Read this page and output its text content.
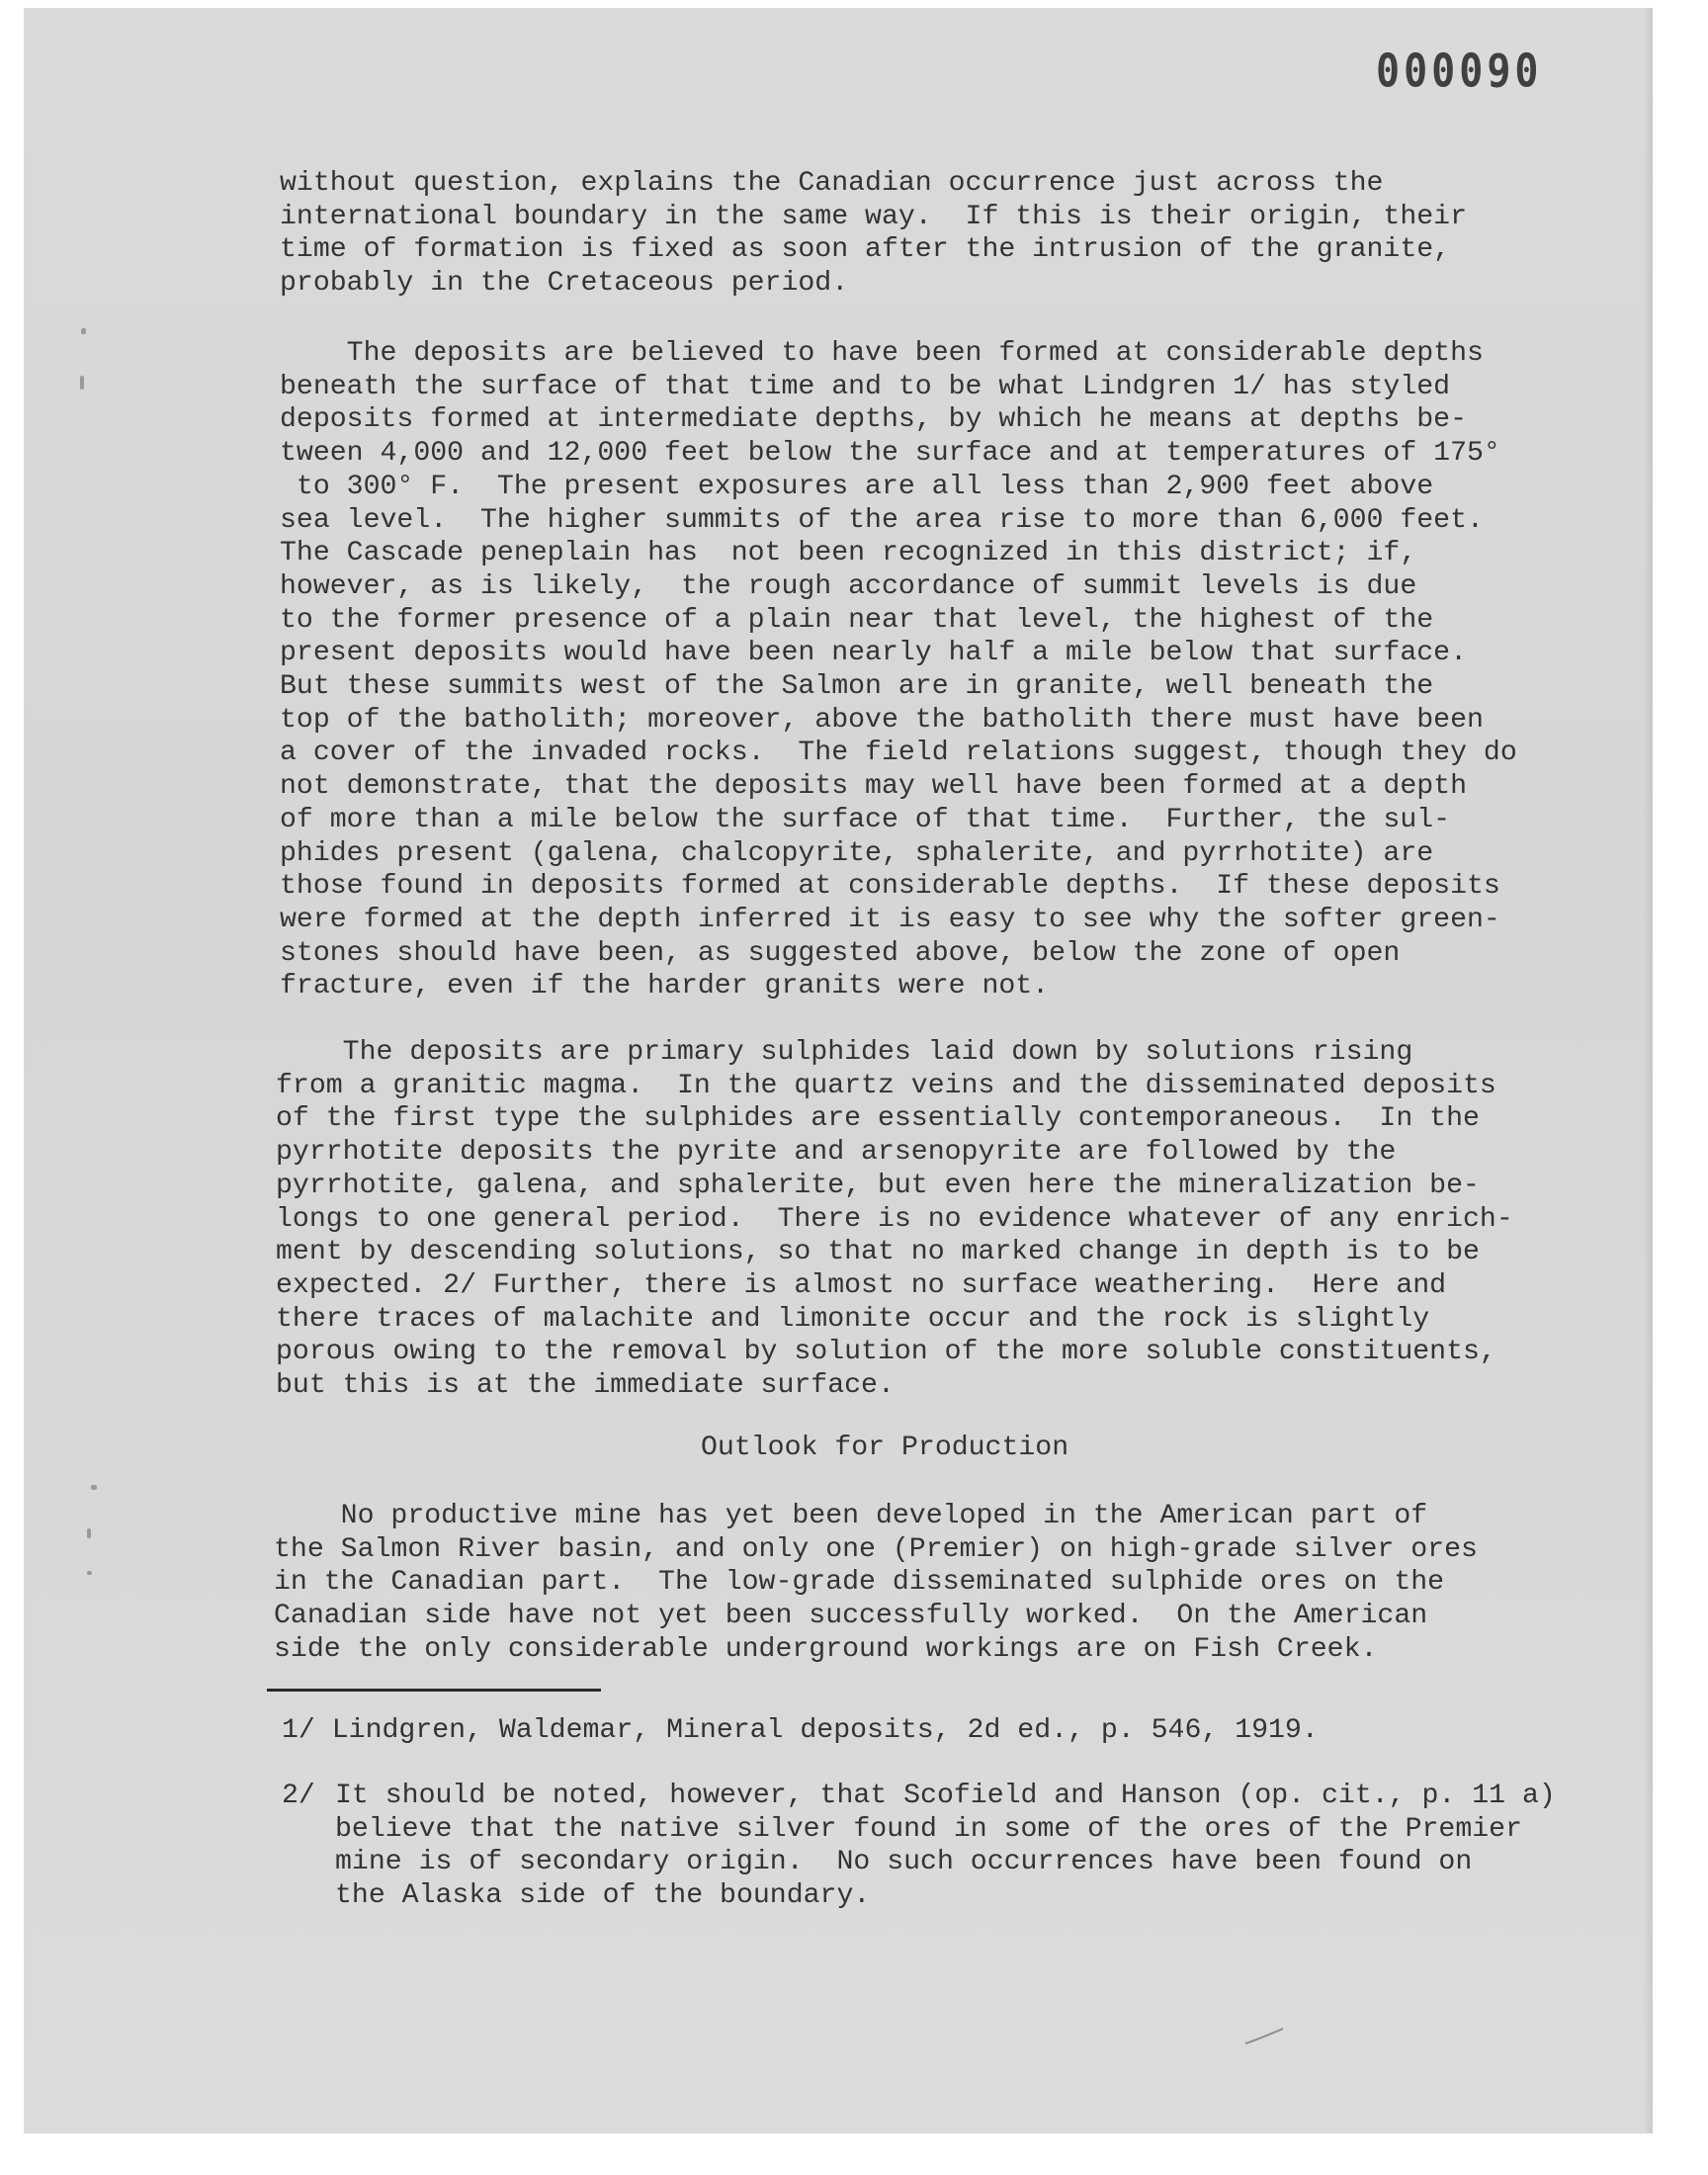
000090
without question, explains the Canadian occurrence just across the
international boundary in the same way.  If this is their origin, their
time of formation is fixed as soon after the intrusion of the granite,
probably in the Cretaceous period.
The deposits are believed to have been formed at considerable depths
beneath the surface of that time and to be what Lindgren 1/ has styled
deposits formed at intermediate depths, by which he means at depths be-
tween 4,000 and 12,000 feet below the surface and at temperatures of 175°
to 300° F.  The present exposures are all less than 2,900 feet above
sea level.  The higher summits of the area rise to more than 6,000 feet.
The Cascade peneplain has  not been recognized in this district; if,
however, as is likely,  the rough accordance of summit levels is due
to the former presence of a plain near that level, the highest of the
present deposits would have been nearly half a mile below that surface.
But these summits west of the Salmon are in granite, well beneath the
top of the batholith; moreover, above the batholith there must have been
a cover of the invaded rocks.  The field relations suggest, though they do
not demonstrate, that the deposits may well have been formed at a depth
of more than a mile below the surface of that time.  Further, the sul-
phides present (galena, chalcopyrite, sphalerite, and pyrrhotite) are
those found in deposits formed at considerable depths.  If these deposits
were formed at the depth inferred it is easy to see why the softer green-
stones should have been, as suggested above, below the zone of open
fracture, even if the harder granits were not.
The deposits are primary sulphides laid down by solutions rising
from a granitic magma.  In the quartz veins and the disseminated deposits
of the first type the sulphides are essentially contemporaneous.  In the
pyrrhotite deposits the pyrite and arsenopyrite are followed by the
pyrrhotite, galena, and sphalerite, but even here the mineralization be-
longs to one general period.  There is no evidence whatever of any enrich-
ment by descending solutions, so that no marked change in depth is to be
expected. 2/ Further, there is almost no surface weathering.  Here and
there traces of malachite and limonite occur and the rock is slightly
porous owing to the removal by solution of the more soluble constituents,
but this is at the immediate surface.
Outlook for Production
No productive mine has yet been developed in the American part of
the Salmon River basin, and only one (Premier) on high-grade silver ores
in the Canadian part.  The low-grade disseminated sulphide ores on the
Canadian side have not yet been successfully worked.  On the American
side the only considerable underground workings are on Fish Creek.
1/ Lindgren, Waldemar, Mineral deposits, 2d ed., p. 546, 1919.
2/ It should be noted, however, that Scofield and Hanson (op. cit., p. 11 a)
believe that the native silver found in some of the ores of the Premier
mine is of secondary origin.  No such occurrences have been found on
the Alaska side of the boundary.
